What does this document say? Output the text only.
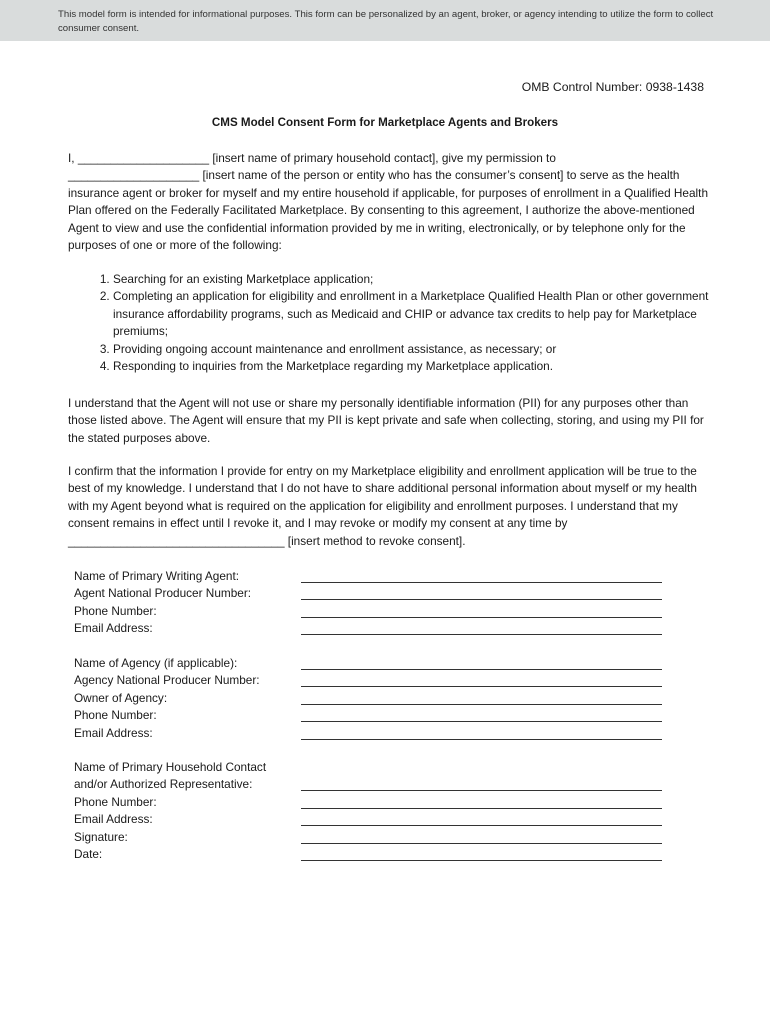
This model form is intended for informational purposes. This form can be personalized by an agent, broker, or agency intending to utilize the form to collect consumer consent.
OMB Control Number: 0938-1438
CMS Model Consent Form for Marketplace Agents and Brokers
I, ____________________ [insert name of primary household contact], give my permission to
____________________ [insert name of the person or entity who has the consumer’s consent] to serve as the health insurance agent or broker for myself and my entire household if applicable, for purposes of enrollment in a Qualified Health Plan offered on the Federally Facilitated Marketplace. By consenting to this agreement, I authorize the above-mentioned Agent to view and use the confidential information provided by me in writing, electronically, or by telephone only for the purposes of one or more of the following:
1. Searching for an existing Marketplace application;
2. Completing an application for eligibility and enrollment in a Marketplace Qualified Health Plan or other government insurance affordability programs, such as Medicaid and CHIP or advance tax credits to help pay for Marketplace premiums;
3. Providing ongoing account maintenance and enrollment assistance, as necessary; or
4. Responding to inquiries from the Marketplace regarding my Marketplace application.
I understand that the Agent will not use or share my personally identifiable information (PII) for any purposes other than those listed above. The Agent will ensure that my PII is kept private and safe when collecting, storing, and using my PII for the stated purposes above.
I confirm that the information I provide for entry on my Marketplace eligibility and enrollment application will be true to the best of my knowledge. I understand that I do not have to share additional personal information about myself or my health with my Agent beyond what is required on the application for eligibility and enrollment purposes. I understand that my consent remains in effect until I revoke it, and I may revoke or modify my consent at any time by _________________________________ [insert method to revoke consent].
Name of Primary Writing Agent:
Agent National Producer Number:
Phone Number:
Email Address:
Name of Agency (if applicable):
Agency National Producer Number:
Owner of Agency:
Phone Number:
Email Address:
Name of Primary Household Contact
and/or Authorized Representative:
Phone Number:
Email Address:
Signature:
Date:
